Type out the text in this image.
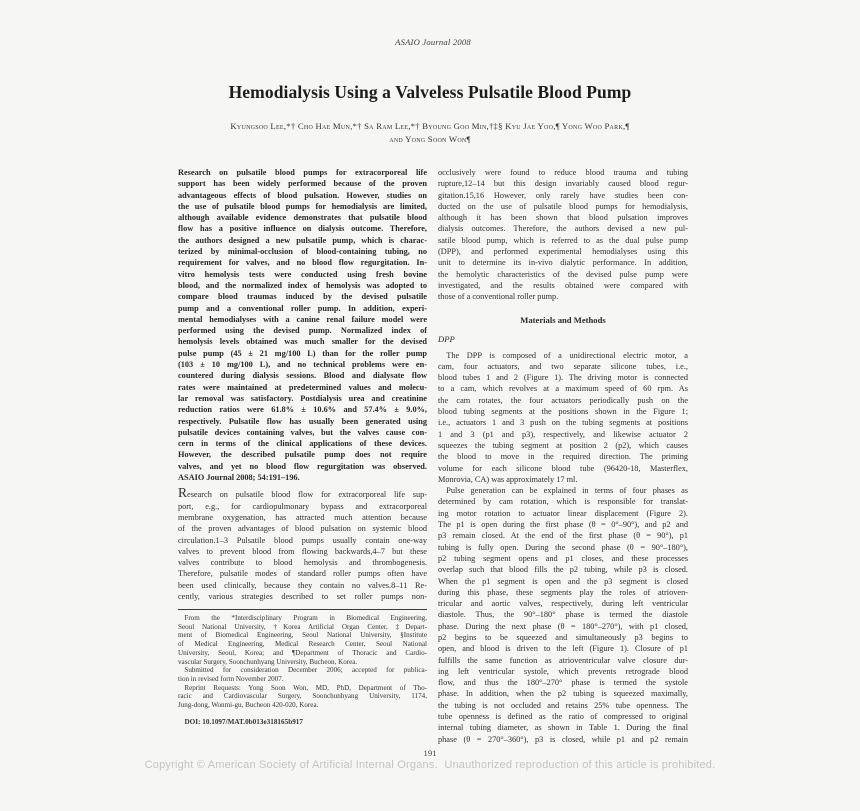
ASAIO Journal 2008
Hemodialysis Using a Valveless Pulsatile Blood Pump
Kyungsoo Lee,*† Cho Hae Mun,*† Sa Ram Lee,*† Byoung Goo Min,†‡§ Kyu Jae Yoo,¶ Yong Woo Park,¶
and Yong Soon Won¶
Research on pulsatile blood pumps for extracorporeal life
support has been widely performed because of the proven
advantageous effects of blood pulsation. However, studies on
the use of pulsatile blood pumps for hemodialysis are limited,
although available evidence demonstrates that pulsatile blood
flow has a positive influence on dialysis outcome. Therefore,
the authors designed a new pulsatile pump, which is charac-
terized by minimal-occlusion of blood-containing tubing, no
requirement for valves, and no blood flow regurgitation. In-
vitro hemolysis tests were conducted using fresh bovine
blood, and the normalized index of hemolysis was adopted to
compare blood traumas induced by the devised pulsatile
pump and a conventional roller pump. In addition, experi-
mental hemodialyses with a canine renal failure model were
performed using the devised pump. Normalized index of
hemolysis levels obtained was much smaller for the devised
pulse pump (45 ± 21 mg/100 L) than for the roller pump
(103 ± 10 mg/100 L), and no technical problems were en-
countered during dialysis sessions. Blood and dialysate flow
rates were maintained at predetermined values and molecu-
lar removal was satisfactory. Postdialysis urea and creatinine
reduction ratios were 61.8% ± 10.6% and 57.4% ± 9.0%,
respectively. Pulsatile flow has usually been generated using
pulsatile devices containing valves, but the valves cause con-
cern in terms of the clinical applications of these devices.
However, the described pulsatile pump does not require
valves, and yet no blood flow regurgitation was observed.
ASAIO Journal 2008; 54:191–196.
Research on pulsatile blood flow for extracorporeal life sup-
port, e.g., for cardiopulmonary bypass and extracorporeal
membrane oxygenation, has attracted much attention because
of the proven advantages of blood pulsation on systemic blood
circulation.1–3 Pulsatile blood pumps usually contain one-way
valves to prevent blood from flowing backwards,4–7 but these
valves contribute to blood hemolysis and thrombogenesis.
Therefore, pulsatile modes of standard roller pumps often have
been used clinically, because they contain no valves.8–11 Re-
cently, various strategies described to set roller pumps non-
From the *Interdisciplinary Program in Biomedical Engineering,
Seoul National University, †Korea Artificial Organ Center, ‡Depart-
ment of Biomedical Engineering, Seoul National University, §Institute
of Medical Engineering, Medical Research Center, Seoul National
University, Seoul, Korea; and ¶Department of Thoracic and Cardio-
vascular Surgery, Soonchunhyang University, Bucheon, Korea.
Submitted for consideration December 2006; accepted for publica-
tion in revised form November 2007.
Reprint Requests: Yong Soon Won, MD, PhD, Department of Tho-
racic and Cardiovascular Surgery, Soonchunhyang University, 1174,
Jung-dong, Wonmi-gu, Bucheon 420-020, Korea.
DOI: 10.1097/MAT.0b013e318165b917
occlusively were found to reduce blood trauma and tubing
rupture,12–14 but this design invariably caused blood regur-
gitation.15,16 However, only rarely have studies been con-
ducted on the use of pulsatile blood pumps for hemodialysis,
although it has been shown that blood pulsation improves
dialysis outcomes. Therefore, the authors devised a new pul-
satile blood pump, which is referred to as the dual pulse pump
(DPP), and performed experimental hemodialyses using this
unit to determine its in-vivo dialytic performance. In addition,
the hemolytic characteristics of the devised pulse pump were
investigated, and the results obtained were compared with
those of a conventional roller pump.
Materials and Methods
DPP
The DPP is composed of a unidirectional electric motor, a
cam, four actuators, and two separate silicone tubes, i.e.,
blood tubes 1 and 2 (Figure 1). The driving motor is connected
to a cam, which revolves at a maximum speed of 60 rpm. As
the cam rotates, the four actuators periodically push on the
blood tubing segments at the positions shown in the Figure 1;
i.e., actuators 1 and 3 push on the tubing segments at positions
1 and 3 (p1 and p3), respectively, and likewise actuator 2
squeezes the tubing segment at position 2 (p2), which causes
the blood to move in the required direction. The priming
volume for each silicone blood tube (96420-18, Masterflex,
Monrovia, CA) was approximately 17 ml.
Pulse generation can be explained in terms of four phases as
determined by cam rotation, which is responsible for translat-
ing motor rotation to actuator linear displacement (Figure 2).
The p1 is open during the first phase (θ = 0°–90°), and p2 and
p3 remain closed. At the end of the first phase (θ = 90°), p1
tubing is fully open. During the second phase (θ = 90°–180°),
p2 tubing segment opens and p1 closes, and these processes
overlap such that blood fills the p2 tubing, while p3 is closed.
When the p1 segment is open and the p3 segment is closed
during this phase, these segments play the roles of atrioven-
tricular and aortic valves, respectively, during left ventricular
diastole. Thus, the 90°–180° phase is termed the diastole
phase. During the next phase (θ = 180°–270°), with p1 closed,
p2 begins to be squeezed and simultaneously p3 begins to
open, and blood is driven to the left (Figure 1). Closure of p1
fulfills the same function as atrioventricular valve closure dur-
ing left ventricular systole, which prevents retrograde blood
flow, and thus the 180°–270° phase is termed the systole
phase. In addition, when the p2 tubing is squeezed maximally,
the tubing is not occluded and retains 25% tube openness. The
tube openness is defined as the ratio of compressed to original
internal tubing diameter, as shown in Table 1. During the final
phase (θ = 270°–360°), p3 is closed, while p1 and p2 remain
191
Copyright © American Society of Artificial Internal Organs.  Unauthorized reproduction of this article is prohibited.
